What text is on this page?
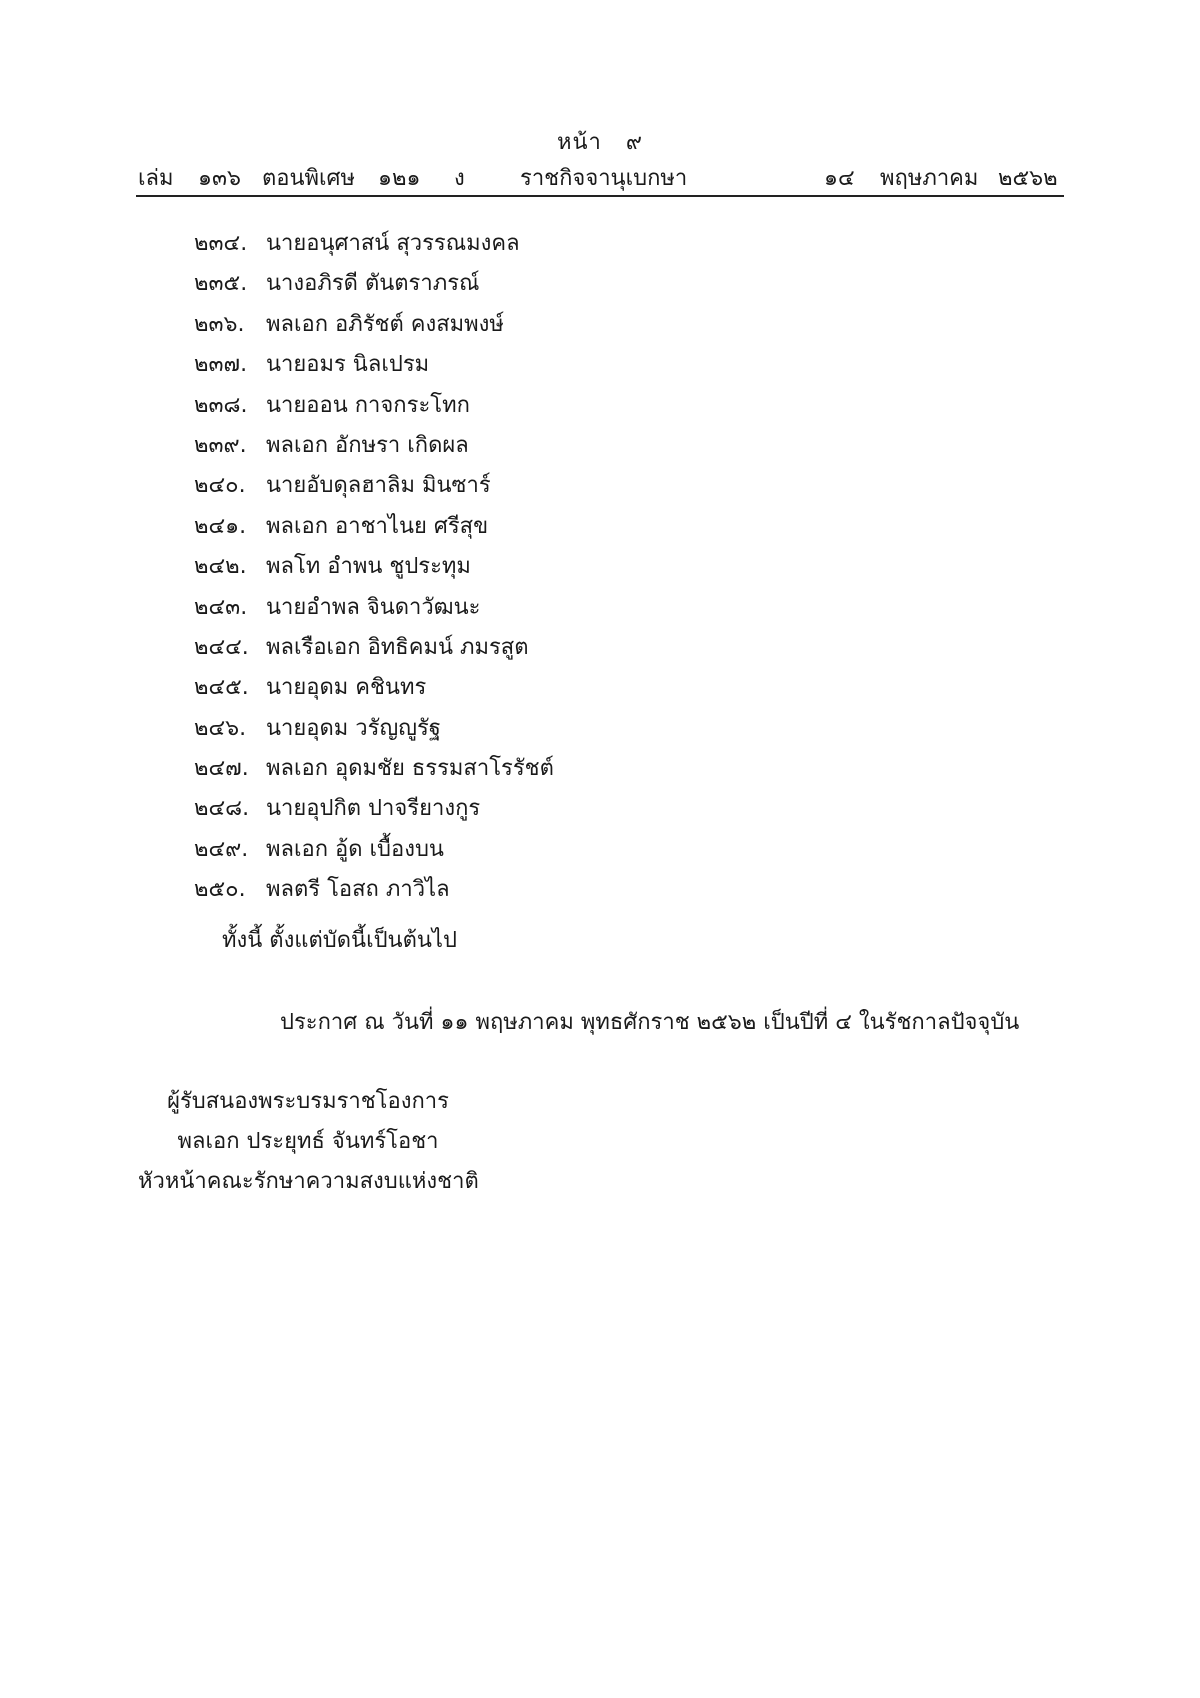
หน้า ๙
เล่ม ๑๓๖ ตอนพิเศษ ๑๒๑ ง	ราชกิจจานุเบกษา	๑๔ พฤษภาคม ๒๕๖๒
๒๓๔. นายอนุศาสน์ สุวรรณมงคล
๒๓๕. นางอภิรดี ตันตราภรณ์
๒๓๖. พลเอก อภิรัชต์ คงสมพงษ์
๒๓๗. นายอมร นิลเปรม
๒๓๘. นายออน กาจกระโทก
๒๓๙. พลเอก อักษรา เกิดผล
๒๔๐. นายอับดุลฮาลิม มินซาร์
๒๔๑. พลเอก อาชาไนย ศรีสุข
๒๔๒. พลโท อำพน ชูประทุม
๒๔๓. นายอำพล จินดาวัฒนะ
๒๔๔. พลเรือเอก อิทธิคมน์ ภมรสูต
๒๔๕. นายอุดม คชินทร
๒๔๖. นายอุดม วรัญญูรัฐ
๒๔๗. พลเอก อุดมชัย ธรรมสาโรรัชต์
๒๔๘. นายอุปกิต ปาจรียางกูร
๒๔๙. พลเอก อู้ด เบื้องบน
๒๕๐. พลตรี โอสถ ภาวิไล
ทั้งนี้ ตั้งแต่บัดนี้เป็นต้นไป
ประกาศ ณ วันที่ ๑๑ พฤษภาคม พุทธศักราช ๒๕๖๒ เป็นปีที่ ๔ ในรัชกาลปัจจุบัน
ผู้รับสนองพระบรมราชโองการ
พลเอก ประยุทธ์ จันทร์โอชา
หัวหน้าคณะรักษาความสงบแห่งชาติ
